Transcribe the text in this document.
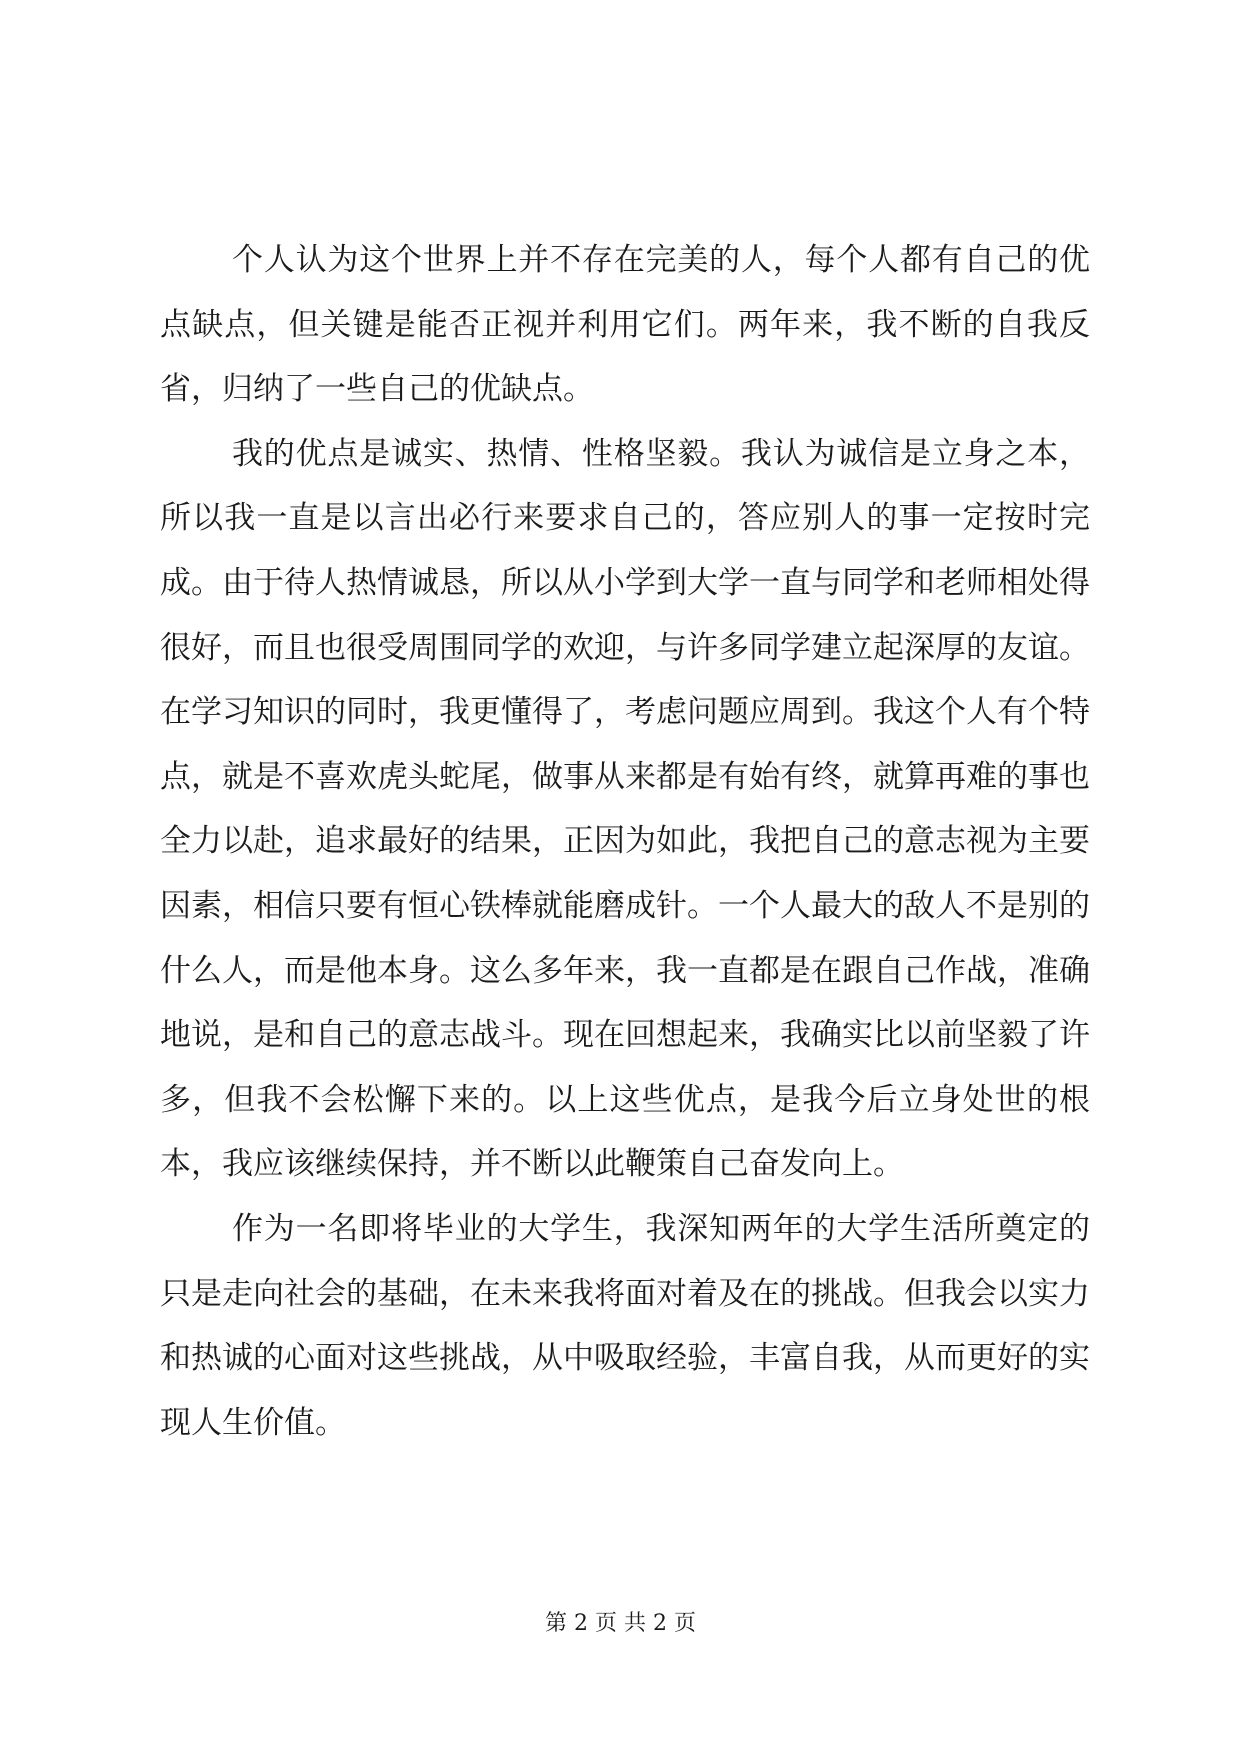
个人认为这个世界上并不存在完美的人，每个人都有自己的优点缺点，但关键是能否正视并利用它们。两年来，我不断的自我反省，归纳了一些自己的优缺点。

我的优点是诚实、热情、性格坚毅。我认为诚信是立身之本，所以我一直是以言出必行来要求自己的，答应别人的事一定按时完成。由于待人热情诚恳，所以从小学到大学一直与同学和老师相处得很好，而且也很受周围同学的欢迎，与许多同学建立起深厚的友谊。在学习知识的同时，我更懂得了，考虑问题应周到。我这个人有个特点，就是不喜欢虎头蛇尾，做事从来都是有始有终，就算再难的事也全力以赴，追求最好的结果，正因为如此，我把自己的意志视为主要因素，相信只要有恒心铁棒就能磨成针。一个人最大的敌人不是别的什么人，而是他本身。这么多年来，我一直都是在跟自己作战，准确地说，是和自己的意志战斗。现在回想起来，我确实比以前坚毅了许多，但我不会松懈下来的。以上这些优点，是我今后立身处世的根本，我应该继续保持，并不断以此鞭策自己奋发向上。

作为一名即将毕业的大学生，我深知两年的大学生活所奠定的只是走向社会的基础，在未来我将面对着及在的挑战。但我会以实力和热诚的心面对这些挑战，从中吸取经验，丰富自我，从而更好的实现人生价值。

第 2 页 共 2 页
